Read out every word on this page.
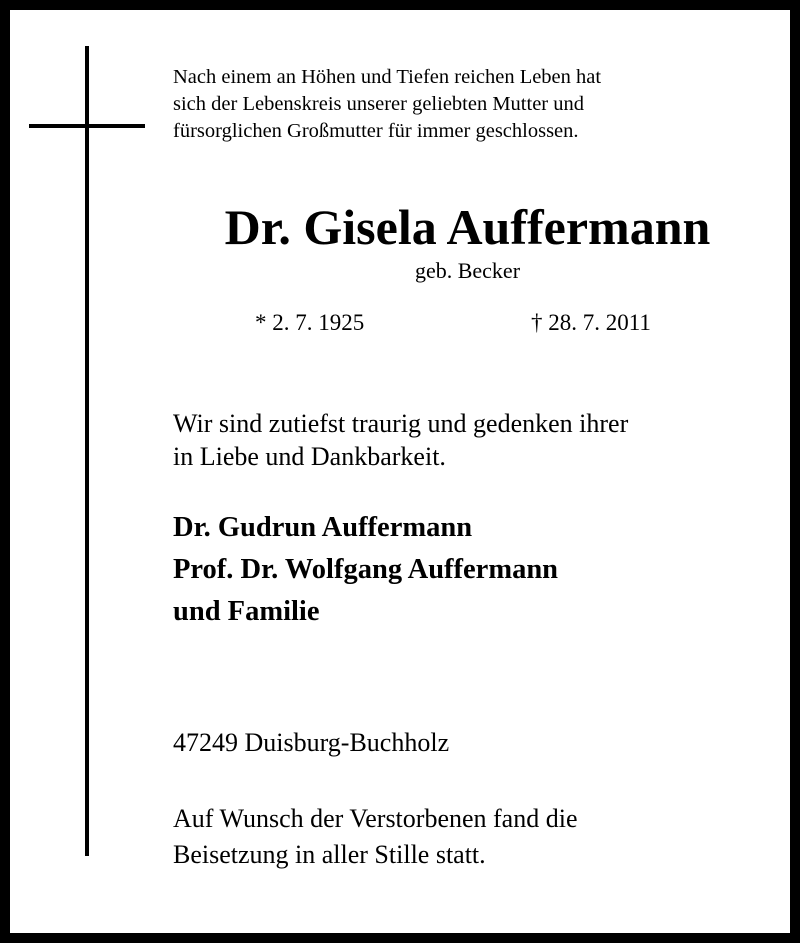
Nach einem an Höhen und Tiefen reichen Leben hat
sich der Lebenskreis unserer geliebten Mutter und
fürsorglichen Großmutter für immer geschlossen.
Dr. Gisela Auffermann
geb. Becker
* 2. 7. 1925	† 28. 7. 2011
Wir sind zutiefst traurig und gedenken ihrer
in Liebe und Dankbarkeit.
Dr. Gudrun Auffermann
Prof. Dr. Wolfgang Auffermann
und Familie
47249 Duisburg-Buchholz
Auf Wunsch der Verstorbenen fand die
Beisetzung in aller Stille statt.
